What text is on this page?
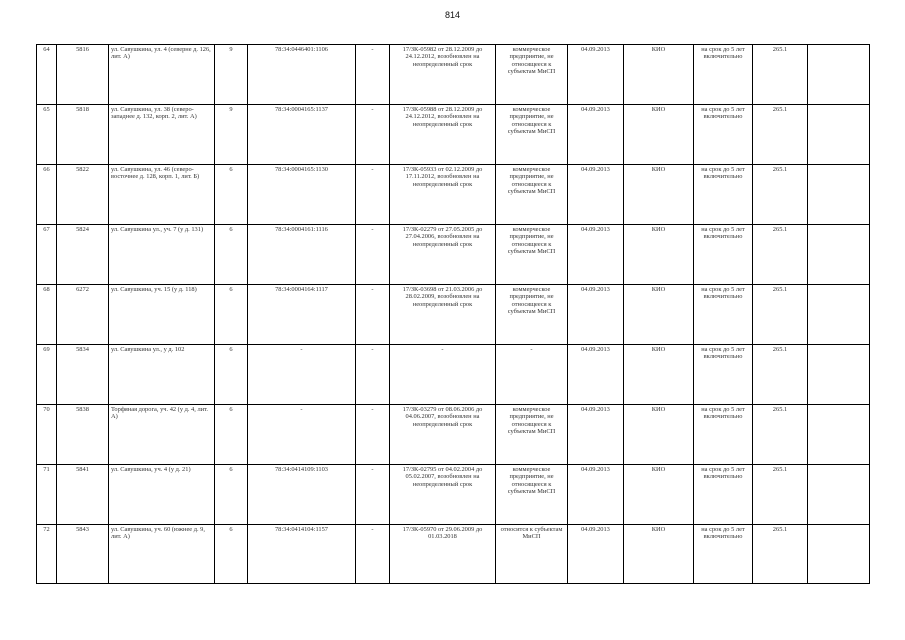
814
64	5816	ул. Савушкина, ул. 4 (северне д. 126, лит. А)	9	78:34:0446401:1106	-	17/ЗК-05982 от 28.12.2009 до 24.12.2012, возобновлен на неопределенный срок	коммерческое предприятие, не относящееся к субъектам МиСП	04.09.2013	КИО	на срок до 5 лет включительно	265.1	
65	5818	ул. Савушкина, ул. 38 (северо-западнее д. 132, корп. 2, лит. А)	9	78:34:0004165:1137	-	17/ЗК-05988 от 28.12.2009 до 24.12.2012, возобновлен на неопределенный срок	коммерческое предприятие, не относящееся к субъектам МиСП	04.09.2013	КИО	на срок до 5 лет включительно	265.1	
66	5822	ул. Савушкина, ул. 46 (северо-восточнее д. 128, корп. 1, лит. Б)	6	78:34:0004165:1130	-	17/ЗК-05933 от 02.12.2009 до 17.11.2012, возобновлен на неопределенный срок	коммерческое предприятие, не относящееся к субъектам МиСП	04.09.2013	КИО	на срок до 5 лет включительно	265.1	
67	5824	ул. Савушкина ул., уч. 7 (у д. 131)	6	78:34:0004161:1116	-	17/ЗК-02279 от 27.05.2005 до 27.04.2006, возобновлен на неопределенный срок	коммерческое предприятие, не относящееся к субъектам МиСП	04.09.2013	КИО	на срок до 5 лет включительно	265.1	
68	6272	ул. Савушкина, уч. 15 (у д. 118)	6	78:34:0004164:1117	-	17/ЗК-03698 от 21.03.2006 до 28.02.2009, возобновлен на неопределенный срок	коммерческое предприятие, не относящееся к субъектам МиСП	04.09.2013	КИО	на срок до 5 лет включительно	265.1	
69	5834	ул. Савушкина ул., у д. 102	6	-	-	-	-	04.09.2013	КИО	на срок до 5 лет включительно	265.1	
70	5838	Торфяная дорога, уч. 42 (у д. 4, лит. А)	6	-	-	17/ЗК-03279 от 08.06.2006 до 04.06.2007, возобновлен на неопределенный срок	коммерческое предприятие, не относящееся к субъектам МиСП	04.09.2013	КИО	на срок до 5 лет включительно	265.1	
71	5841	ул. Савушкина, уч. 4 (у д. 21)	6	78:34:0414109:1103	-	17/ЗК-02795 от 04.02.2004 до 05.02.2007, возобновлен на неопределенный срок	коммерческое предприятие, не относящееся к субъектам МиСП	04.09.2013	КИО	на срок до 5 лет включительно	265.1	
72	5843	ул. Савушкина, уч. 60 (южнее д. 9, лит. А)	6	78:34:0414104:1157	-	17/ЗК-05970 от 29.06.2009 до 01.03.2018	относится к субъектам МиСП	04.09.2013	КИО	на срок до 5 лет включительно	265.1	
